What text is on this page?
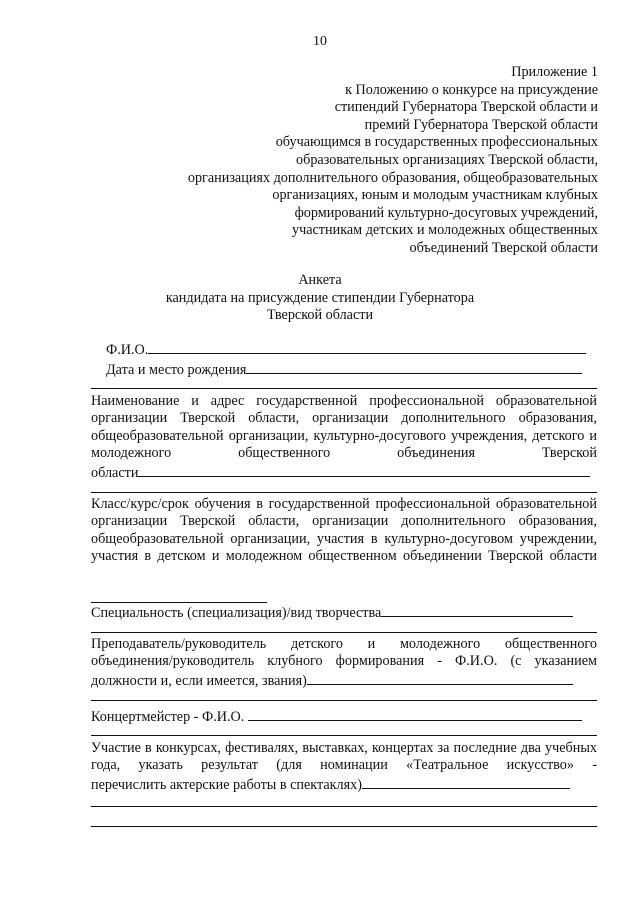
10
Приложение 1
к Положению о конкурсе на присуждение
стипендий Губернатора Тверской области и
премий Губернатора Тверской области
обучающимся в государственных профессиональных
образовательных организациях Тверской области,
организациях дополнительного образования, общеобразовательных
организациях, юным и молодым участникам клубных
формирований культурно-досуговых учреждений,
участникам детских и молодежных общественных
объединений Тверской области
Анкета
кандидата на присуждение стипендии Губернатора
Тверской области
Ф.И.О.
Дата и место рождения
Наименование и адрес государственной профессиональной образовательной организации Тверской области, организации дополнительного образования, общеобразовательной организации, культурно-досугового учреждения, детского и молодежного общественного объединения Тверской
области
Класс/курс/срок обучения в государственной профессиональной образовательной организации Тверской области, организации дополнительного образования, общеобразовательной организации, участия в культурно-досуговом учреждении, участия в детском и молодежном общественном объединении Тверской области
Специальность (специализация)/вид творчества
Преподаватель/руководитель детского и молодежного общественного объединения/руководитель клубного формирования - Ф.И.О. (с указанием
должности и, если имеется, звания)
Концертмейстер - Ф.И.О.
Участие в конкурсах, фестивалях, выставках, концертах за последние два учебных года, указать результат (для номинации «Театральное искусство» -
перечислить актерские работы в спектаклях)
